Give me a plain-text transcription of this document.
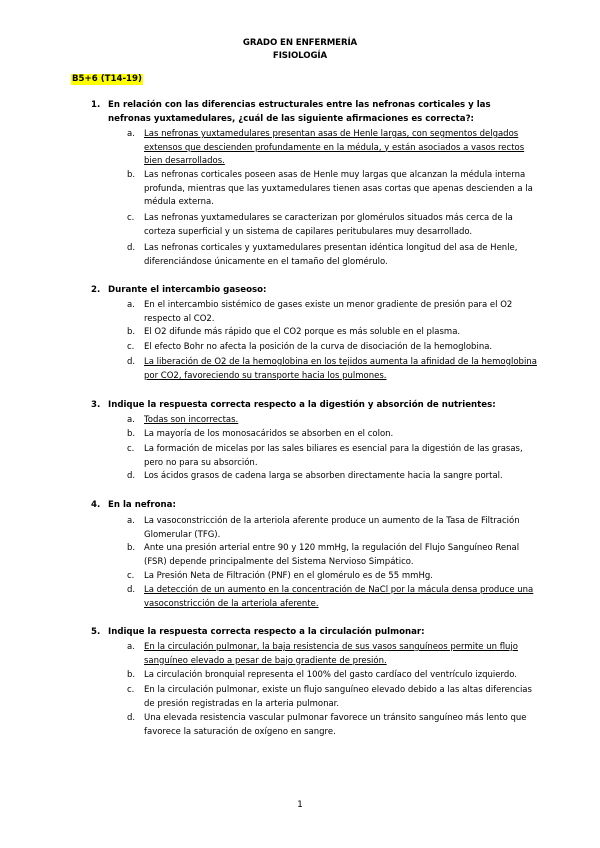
GRADO EN ENFERMERÍA
FISIOLOGÍA
B5+6 (T14-19)
1. En relación con las diferencias estructurales entre las nefronas corticales y las nefronas yuxtamedulares, ¿cuál de las siguiente afirmaciones es correcta?:
a. Las nefronas yuxtamedulares presentan asas de Henle largas, con segmentos delgados extensos que descienden profundamente en la médula, y están asociados a vasos rectos bien desarrollados.
b. Las nefronas corticales poseen asas de Henle muy largas que alcanzan la médula interna profunda, mientras que las yuxtamedulares tienen asas cortas que apenas descienden a la médula externa.
c. Las nefronas yuxtamedulares se caracterizan por glomérulos situados más cerca de la corteza superficial y un sistema de capilares peritubulares muy desarrollado.
d. Las nefronas corticales y yuxtamedulares presentan idéntica longitud del asa de Henle, diferenciándose únicamente en el tamaño del glomérulo.
2. Durante el intercambio gaseoso:
a. En el intercambio sistémico de gases existe un menor gradiente de presión para el O2 respecto al CO2.
b. El O2 difunde más rápido que el CO2 porque es más soluble en el plasma.
c. El efecto Bohr no afecta la posición de la curva de disociación de la hemoglobina.
d. La liberación de O2 de la hemoglobina en los tejidos aumenta la afinidad de la hemoglobina por CO2, favoreciendo su transporte hacia los pulmones.
3. Indique la respuesta correcta respecto a la digestión y absorción de nutrientes:
a. Todas son incorrectas.
b. La mayoría de los monosacáridos se absorben en el colon.
c. La formación de micelas por las sales biliares es esencial para la digestión de las grasas, pero no para su absorción.
d. Los ácidos grasos de cadena larga se absorben directamente hacia la sangre portal.
4. En la nefrona:
a. La vasoconstricción de la arteriola aferente produce un aumento de la Tasa de Filtración Glomerular (TFG).
b. Ante una presión arterial entre 90 y 120 mmHg, la regulación del Flujo Sanguíneo Renal (FSR) depende principalmente del Sistema Nervioso Simpático.
c. La Presión Neta de Filtración (PNF) en el glomérulo es de 55 mmHg.
d. La detección de un aumento en la concentración de NaCl por la mácula densa produce una vasoconstricción de la arteriola aferente.
5. Indique la respuesta correcta respecto a la circulación pulmonar:
a. En la circulación pulmonar, la baja resistencia de sus vasos sanguíneos permite un flujo sanguíneo elevado a pesar de bajo gradiente de presión.
b. La circulación bronquial representa el 100% del gasto cardíaco del ventrículo izquierdo.
c. En la circulación pulmonar, existe un flujo sanguíneo elevado debido a las altas diferencias de presión registradas en la arteria pulmonar.
d. Una elevada resistencia vascular pulmonar favorece un tránsito sanguíneo más lento que favorece la saturación de oxígeno en sangre.
1
